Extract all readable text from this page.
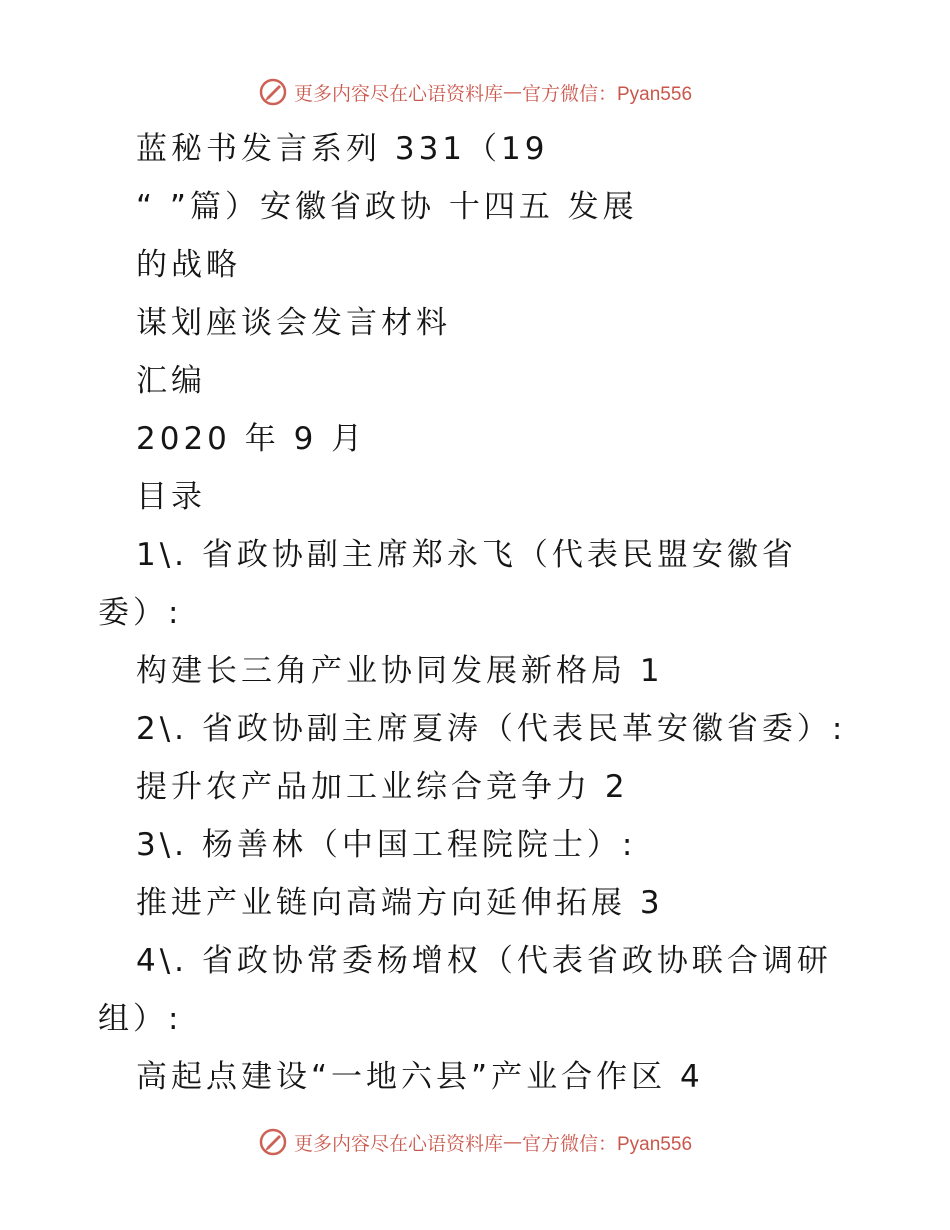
更多内容尽在心语资料库 — 官方微信：Pyan556
蓝秘书发言系列 331（19
“ ”篇）安徽省政协 十四五 发展
的战略
谋划座谈会发言材料
汇编
2020 年 9 月
目录
1\. 省政协副主席郑永飞（代表民盟安徽省
委）:
构建长三角产业协同发展新格局 1
2\. 省政协副主席夏涛（代表民革安徽省委）:
提升农产品加工业综合竞争力 2
3\. 杨善林（中国工程院院士）:
推进产业链向高端方向延伸拓展 3
4\. 省政协常委杨增权（代表省政协联合调研
组）:
高起点建设“一地六县”产业合作区 4
更多内容尽在心语资料库 — 官方微信：Pyan556
